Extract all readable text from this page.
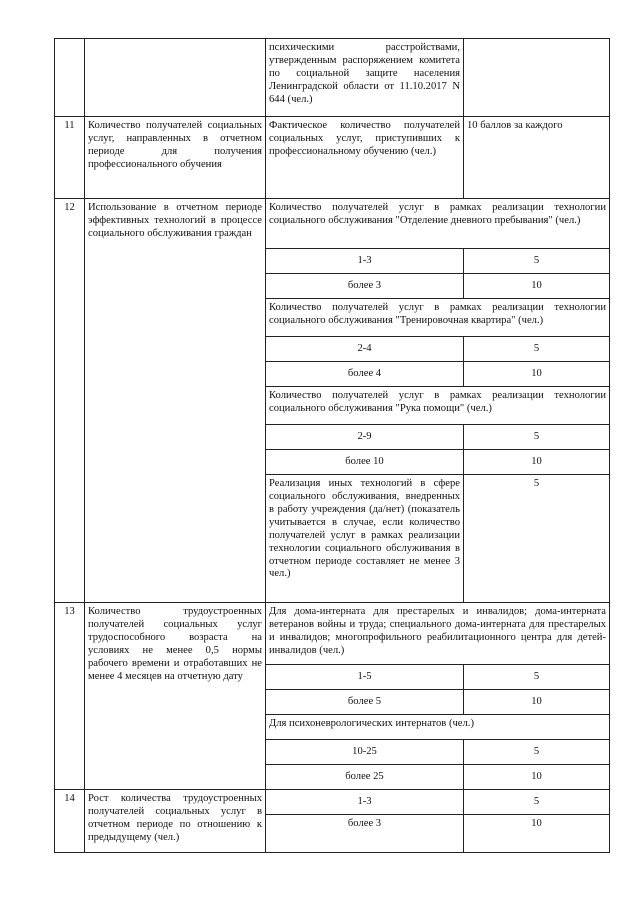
		психическими расстройствами, утвержденным распоряжением комитета по социальной защите населения Ленинградской области от 11.10.2017 N 644 (чел.)	
11	Количество получателей социальных услуг, направленных в отчетном периоде для получения профессионального обучения	Фактическое количество получателей социальных услуг, приступивших к профессиональному обучению (чел.)	10 баллов за каждого
12	Использование в отчетном периоде эффективных технологий в процессе социального обслуживания граждан	Количество получателей услуг в рамках реализации технологии социального обслуживания "Отделение дневного пребывания" (чел.)	
		1-3	5
		более 3	10
		Количество получателей услуг в рамках реализации технологии социального обслуживания "Тренировочная квартира" (чел.)	
		2-4	5
		более 4	10
		Количество получателей услуг в рамках реализации технологии социального обслуживания "Рука помощи" (чел.)	
		2-9	5
		более 10	10
		Реализация иных технологий в сфере социального обслуживания, внедренных в работу учреждения (да/нет) (показатель учитывается в случае, если количество получателей услуг в рамках реализации технологии социального обслуживания в отчетном периоде составляет не менее 3 чел.)	5
13	Количество трудоустроенных получателей социальных услуг трудоспособного возраста на условиях не менее 0,5 нормы рабочего времени и отработавших не менее 4 месяцев на отчетную дату	Для дома-интерната для престарелых и инвалидов; дома-интерната ветеранов войны и труда; специального дома-интерната для престарелых и инвалидов; многопрофильного реабилитационного центра для детей-инвалидов (чел.)	
		1-5	5
		более 5	10
		Для психоневрологических интернатов (чел.)	
		10-25	5
		более 25	10
14	Рост количества трудоустроенных получателей социальных услуг в отчетном периоде по отношению к предыдущему (чел.)	1-3	5
		более 3	10
